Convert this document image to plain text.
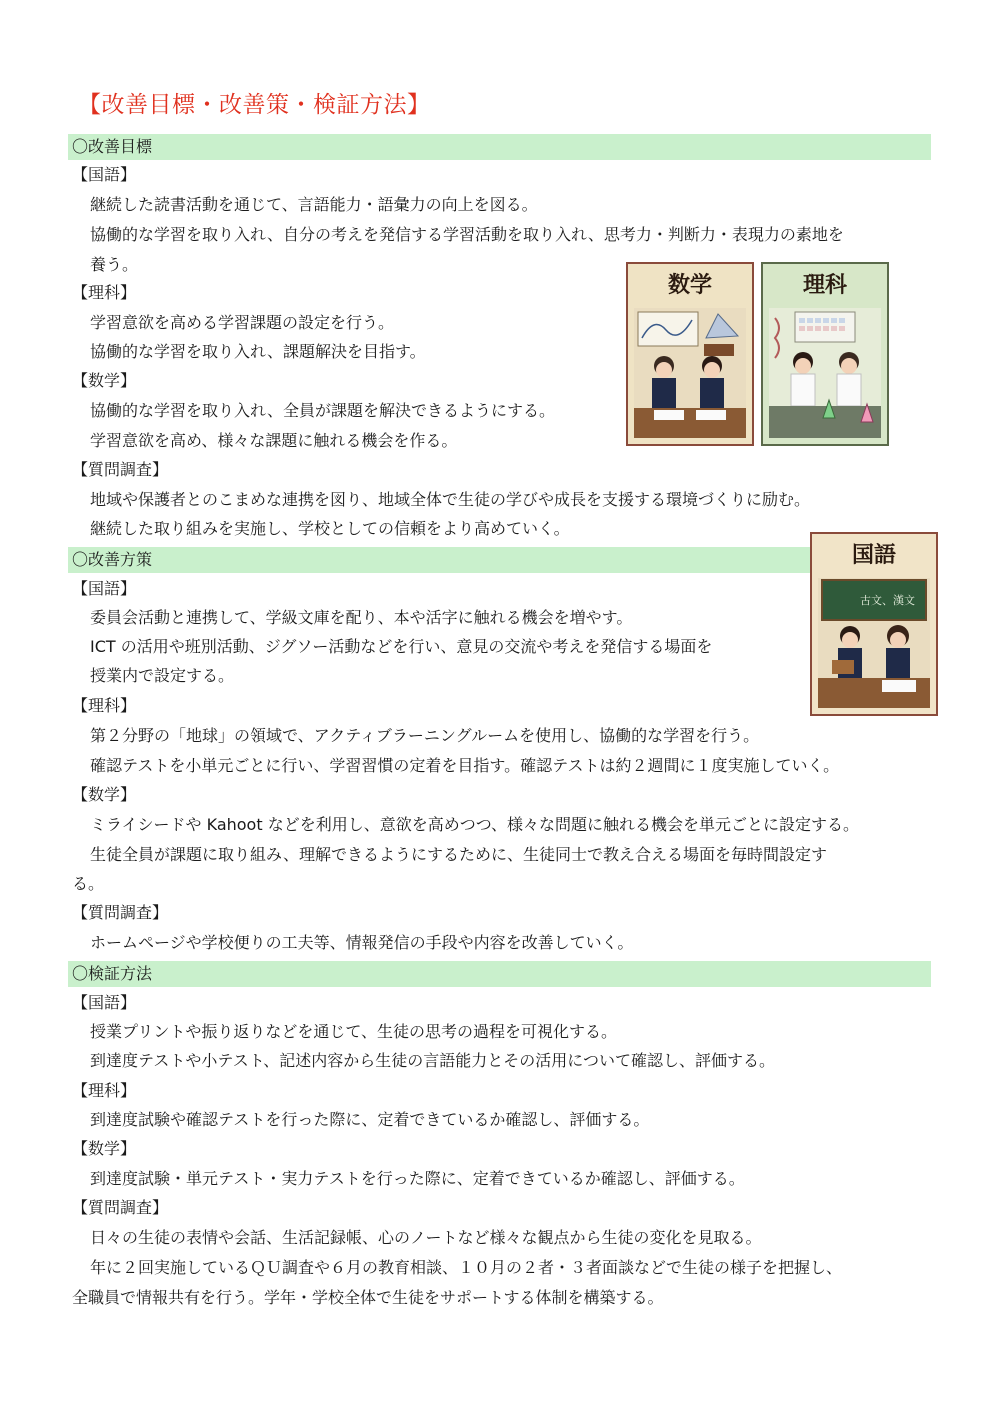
【改善目標・改善策・検証方法】
〇改善目標
【国語】
継続した読書活動を通じて、言語能力・語彙力の向上を図る。
協働的な学習を取り入れ、自分の考えを発信する学習活動を取り入れ、思考力・判断力・表現力の素地を
養う。
【理科】
学習意欲を高める学習課題の設定を行う。
協働的な学習を取り入れ、課題解決を目指す。
【数学】
協働的な学習を取り入れ、全員が課題を解決できるようにする。
学習意欲を高め、様々な課題に触れる機会を作る。
【質問調査】
地域や保護者とのこまめな連携を図り、地域全体で生徒の学びや成長を支援する環境づくりに励む。
継続した取り組みを実施し、学校としての信頼をより高めていく。
〇改善方策
【国語】
委員会活動と連携して、学級文庫を配り、本や活字に触れる機会を増やす。
ICT の活用や班別活動、ジグソー活動などを行い、意見の交流や考えを発信する場面を
授業内で設定する。
【理科】
第２分野の「地球」の領域で、アクティブラーニングルームを使用し、協働的な学習を行う。
確認テストを小単元ごとに行い、学習習慣の定着を目指す。確認テストは約２週間に１度実施していく。
【数学】
ミライシードや Kahoot などを利用し、意欲を高めつつ、様々な問題に触れる機会を単元ごとに設定する。
生徒全員が課題に取り組み、理解できるようにするために、生徒同士で教え合える場面を毎時間設定す
る。
【質問調査】
ホームページや学校便りの工夫等、情報発信の手段や内容を改善していく。
〇検証方法
【国語】
授業プリントや振り返りなどを通じて、生徒の思考の過程を可視化する。
到達度テストや小テスト、記述内容から生徒の言語能力とその活用について確認し、評価する。
【理科】
到達度試験や確認テストを行った際に、定着できているか確認し、評価する。
【数学】
到達度試験・単元テスト・実力テストを行った際に、定着できているか確認し、評価する。
【質問調査】
日々の生徒の表情や会話、生活記録帳、心のノートなど様々な観点から生徒の変化を見取る。
年に２回実施しているＱＵ調査や６月の教育相談、１０月の２者・３者面談などで生徒の様子を把握し、
全職員で情報共有を行う。学年・学校全体で生徒をサポートする体制を構築する。
数学	理科
国語
古文、漢文
